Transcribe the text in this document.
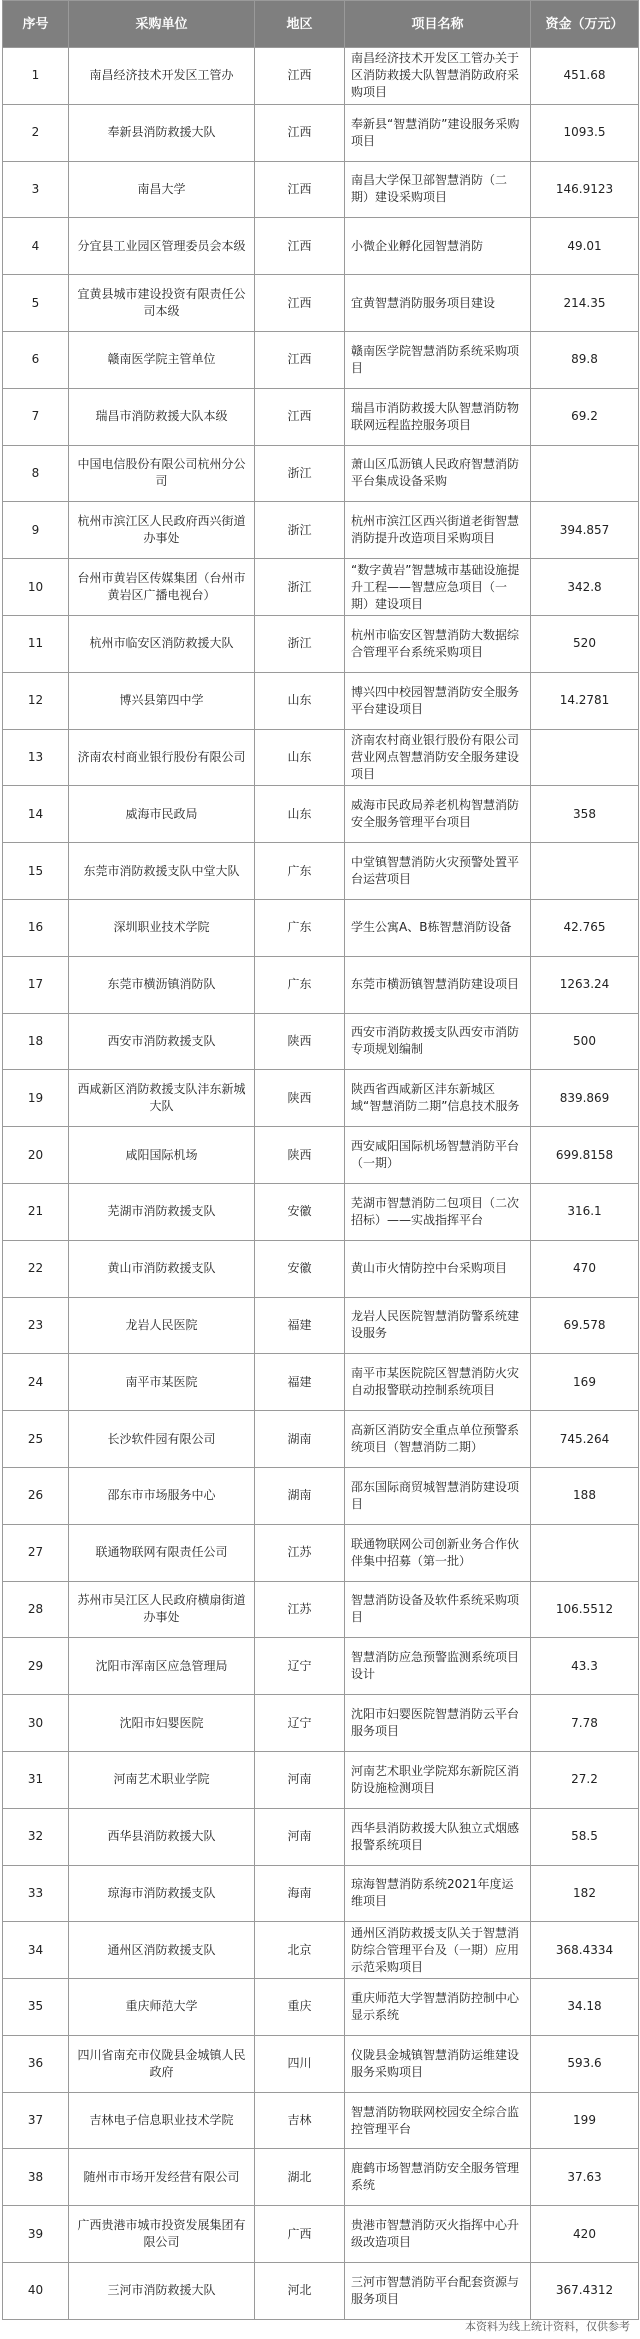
序号	采购单位	地区	项目名称	资金（万元）
1	南昌经济技术开发区工管办	江西	南昌经济技术开发区工管办关于区消防救援大队智慧消防政府采购项目	451.68
2	奉新县消防救援大队	江西	奉新县“智慧消防”建设服务采购项目	1093.5
3	南昌大学	江西	南昌大学保卫部智慧消防（二期）建设采购项目	146.9123
4	分宜县工业园区管理委员会本级	江西	小微企业孵化园智慧消防	49.01
5	宜黄县城市建设投资有限责任公司本级	江西	宜黄智慧消防服务项目建设	214.35
6	赣南医学院主管单位	江西	赣南医学院智慧消防系统采购项目	89.8
7	瑞昌市消防救援大队本级	江西	瑞昌市消防救援大队智慧消防物联网远程监控服务项目	69.2
8	中国电信股份有限公司杭州分公司	浙江	萧山区瓜沥镇人民政府智慧消防平台集成设备采购	
9	杭州市滨江区人民政府西兴街道办事处	浙江	杭州市滨江区西兴街道老街智慧消防提升改造项目采购项目	394.857
10	台州市黄岩区传媒集团（台州市黄岩区广播电视台）	浙江	“数字黄岩”智慧城市基础设施提升工程——智慧应急项目（一期）建设项目	342.8
11	杭州市临安区消防救援大队	浙江	杭州市临安区智慧消防大数据综合管理平台系统采购项目	520
12	博兴县第四中学	山东	博兴四中校园智慧消防安全服务平台建设项目	14.2781
13	济南农村商业银行股份有限公司	山东	济南农村商业银行股份有限公司营业网点智慧消防安全服务建设项目	
14	威海市民政局	山东	威海市民政局养老机构智慧消防安全服务管理平台项目	358
15	东莞市消防救援支队中堂大队	广东	中堂镇智慧消防火灾预警处置平台运营项目	
16	深圳职业技术学院	广东	学生公寓A、B栋智慧消防设备	42.765
17	东莞市横沥镇消防队	广东	东莞市横沥镇智慧消防建设项目	1263.24
18	西安市消防救援支队	陕西	西安市消防救援支队西安市消防专项规划编制	500
19	西咸新区消防救援支队沣东新城大队	陕西	陕西省西咸新区沣东新城区域“智慧消防二期”信息技术服务	839.869
20	咸阳国际机场	陕西	西安咸阳国际机场智慧消防平台（一期）	699.8158
21	芜湖市消防救援支队	安徽	芜湖市智慧消防二包项目（二次招标）——实战指挥平台	316.1
22	黄山市消防救援支队	安徽	黄山市火情防控中台采购项目	470
23	龙岩人民医院	福建	龙岩人民医院智慧消防警系统建设服务	69.578
24	南平市某医院	福建	南平市某医院院区智慧消防火灾自动报警联动控制系统项目	169
25	长沙软件园有限公司	湖南	高新区消防安全重点单位预警系统项目（智慧消防二期）	745.264
26	邵东市市场服务中心	湖南	邵东国际商贸城智慧消防建设项目	188
27	联通物联网有限责任公司	江苏	联通物联网公司创新业务合作伙伴集中招募（第一批）	
28	苏州市吴江区人民政府横扇街道办事处	江苏	智慧消防设备及软件系统采购项目	106.5512
29	沈阳市浑南区应急管理局	辽宁	智慧消防应急预警监测系统项目设计	43.3
30	沈阳市妇婴医院	辽宁	沈阳市妇婴医院智慧消防云平台服务项目	7.78
31	河南艺术职业学院	河南	河南艺术职业学院郑东新院区消防设施检测项目	27.2
32	西华县消防救援大队	河南	西华县消防救援大队独立式烟感报警系统项目	58.5
33	琼海市消防救援支队	海南	琼海智慧消防系统2021年度运维项目	182
34	通州区消防救援支队	北京	通州区消防救援支队关于智慧消防综合管理平台及（一期）应用示范采购项目	368.4334
35	重庆师范大学	重庆	重庆师范大学智慧消防控制中心显示系统	34.18
36	四川省南充市仪陇县金城镇人民政府	四川	仪陇县金城镇智慧消防运维建设服务采购项目	593.6
37	吉林电子信息职业技术学院	吉林	智慧消防物联网校园安全综合监控管理平台	199
38	随州市市场开发经营有限公司	湖北	鹿鹤市场智慧消防安全服务管理系统	37.63
39	广西贵港市城市投资发展集团有限公司	广西	贵港市智慧消防灭火指挥中心升级改造项目	420
40	三河市消防救援大队	河北	三河市智慧消防平台配套资源与服务项目	367.4312
本资料为线上统计资料，仅供参考
